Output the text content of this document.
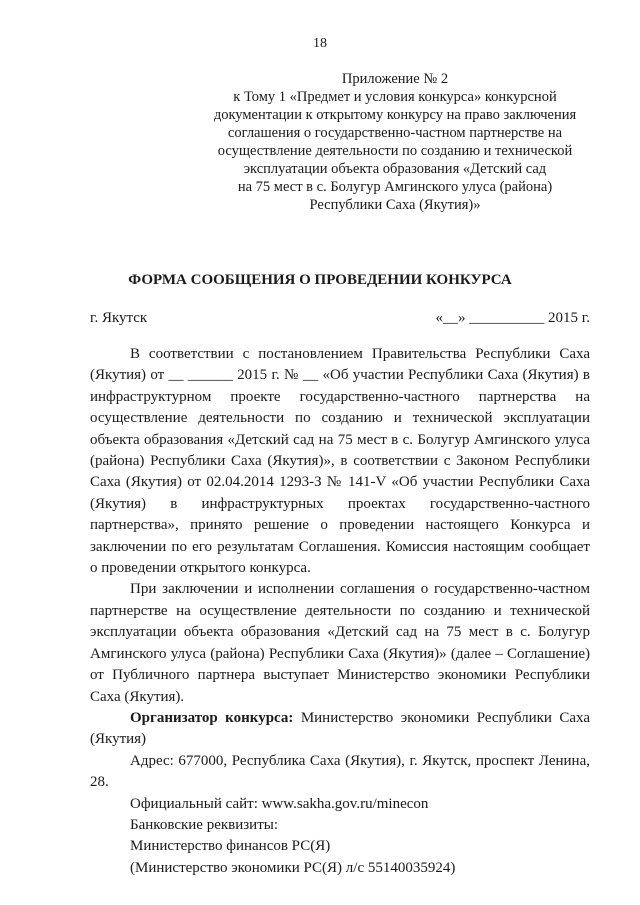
18
Приложение № 2
к Тому 1 «Предмет и условия конкурса» конкурсной
документации к открытому конкурсу на право заключения
соглашения о государственно-частном партнерстве на
осуществление деятельности по созданию и технической
эксплуатации объекта образования «Детский сад
на 75 мест в с. Болугур Амгинского улуса (района)
Республики Саха (Якутия)»
ФОРМА СООБЩЕНИЯ О ПРОВЕДЕНИИ КОНКУРСА
г. Якутск	«__» __________ 2015 г.

В соответствии с постановлением Правительства Республики Саха (Якутия) от __ ______ 2015 г. № __ «Об участии Республики Саха (Якутия) в инфраструктурном проекте государственно-частного партнерства на осуществление деятельности по созданию и технической эксплуатации объекта образования «Детский сад на 75 мест в с. Болугур Амгинского улуса (района) Республики Саха (Якутия)», в соответствии с Законом Республики Саха (Якутия) от 02.04.2014 1293-З № 141-V «Об участии Республики Саха (Якутия) в инфраструктурных проектах государственно-частного партнерства», принято решение о проведении настоящего Конкурса и заключении по его результатам Соглашения. Комиссия настоящим сообщает о проведении открытого конкурса.

При заключении и исполнении соглашения о государственно-частном партнерстве на осуществление деятельности по созданию и технической эксплуатации объекта образования «Детский сад на 75 мест в с. Болугур Амгинского улуса (района) Республики Саха (Якутия)» (далее – Соглашение) от Публичного партнера выступает Министерство экономики Республики Саха (Якутия).

Организатор конкурса: Министерство экономики Республики Саха (Якутия)

Адрес: 677000, Республика Саха (Якутия), г. Якутск, проспект Ленина, 28.

Официальный сайт: www.sakha.gov.ru/minecon

Банковские реквизиты:

Министерство финансов РС(Я)

(Министерство экономики РС(Я) л/с 55140035924)
